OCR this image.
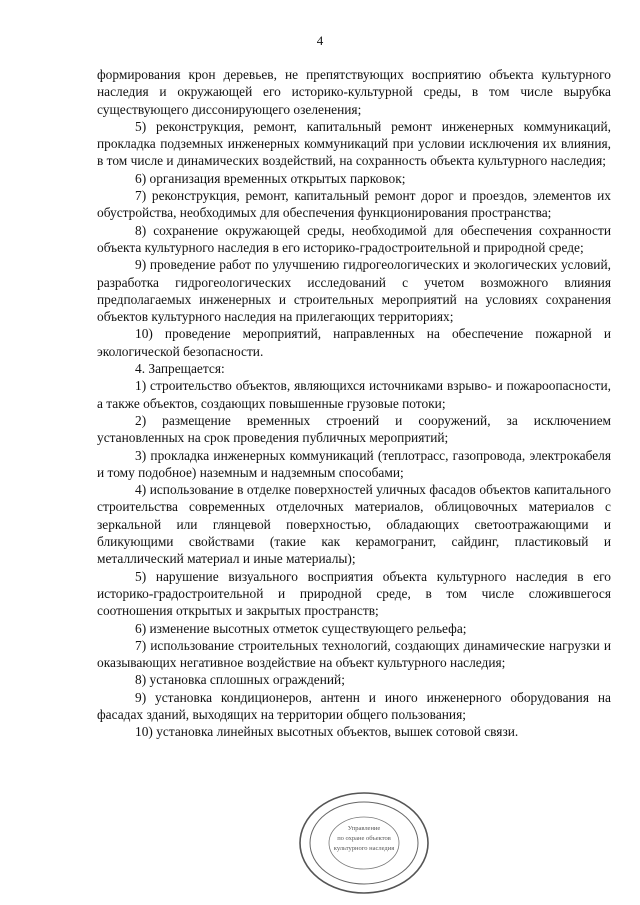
4

формирования крон деревьев, не препятствующих восприятию объекта культурного наследия и окружающей его историко-культурной среды, в том числе вырубка существующего диссонирующего озеленения;

5) реконструкция, ремонт, капитальный ремонт инженерных коммуникаций, прокладка подземных инженерных коммуникаций при условии исключения их влияния, в том числе и динамических воздействий, на сохранность объекта культурного наследия;

6) организация временных открытых парковок;

7) реконструкция, ремонт, капитальный ремонт дорог и проездов, элементов их обустройства, необходимых для обеспечения функционирования пространства;

8) сохранение окружающей среды, необходимой для обеспечения сохранности объекта культурного наследия в его историко-градостроительной и природной среде;

9) проведение работ по улучшению гидрогеологических и экологических условий, разработка гидрогеологических исследований с учетом возможного влияния предполагаемых инженерных и строительных мероприятий на условиях сохранения объектов культурного наследия на прилегающих территориях;

10) проведение мероприятий, направленных на обеспечение пожарной и экологической безопасности.

4. Запрещается:

1) строительство объектов, являющихся источниками взрыво- и пожароопасности, а также объектов, создающих повышенные грузовые потоки;

2) размещение временных строений и сооружений, за исключением установленных на срок проведения публичных мероприятий;

3) прокладка инженерных коммуникаций (теплотрасс, газопровода, электрокабеля и тому подобное) наземным и надземным способами;

4) использование в отделке поверхностей уличных фасадов объектов капитального строительства современных отделочных материалов, облицовочных материалов с зеркальной или глянцевой поверхностью, обладающих светоотражающими и бликующими свойствами (такие как керамогранит, сайдинг, пластиковый и металлический материал и иные материалы);

5) нарушение визуального восприятия объекта культурного наследия в его историко-градостроительной и природной среде, в том числе сложившегося соотношения открытых и закрытых пространств;

6) изменение высотных отметок существующего рельефа;

7) использование строительных технологий, создающих динамические нагрузки и оказывающих негативное воздействие на объект культурного наследия;

8) установка сплошных ограждений;

9) установка кондиционеров, антенн и иного инженерного оборудования на фасадах зданий, выходящих на территории общего пользования;

10) установка линейных высотных объектов, вышек сотовой связи.

Управление
по охране объектов
культурного наследия
